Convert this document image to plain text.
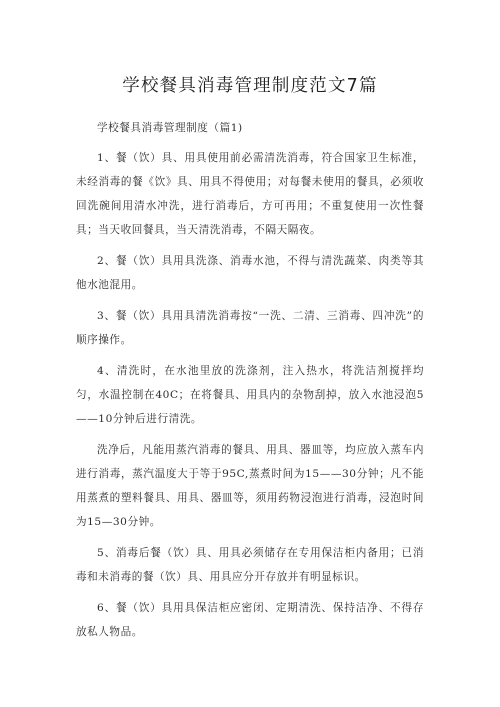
学校餐具消毒管理制度范文7篇

学校餐具消毒管理制度（篇1)

1、餐（饮）具、用具使用前必需清洗消毒，符合国家卫生标准，未经消毒的餐《饮》具、用具不得使用；对每餐未使用的餐具，必须收回洗碗间用清水冲洗，进行消毒后，方可再用；不重复使用一次性餐具；当天收回餐具，当天清洗消毒，不隔天隔夜。

2、餐（饮）具用具洗涤、消毒水池，不得与清洗蔬菜、肉类等其他水池混用。

3、餐（饮）具用具清洗消毒按“一洗、二清、三消毒、四冲洗”的顺序操作。

4、清洗时，在水池里放的洗涤剂，注入热水，将洗洁剂搅拌均匀，水温控制在40C；在将餐具、用具内的杂物刮掉，放入水池浸泡5——10分钟后进行清洗。

洗净后，凡能用蒸汽消毒的餐具、用具、器皿等，均应放入蒸车内进行消毒，蒸汽温度大于等于95C,蒸煮时间为15——30分钟；凡不能用蒸煮的塑料餐具、用具、器皿等，须用药物浸泡进行消毒，浸泡时间为15—30分钟。

5、消毒后餐（饮）具、用具必须储存在专用保洁柜内备用；已消毒和未消毒的餐（饮）具、用具应分开存放并有明显标识。

6、餐（饮）具用具保洁柜应密闭、定期清洗、保持洁净、不得存放私人物品。
